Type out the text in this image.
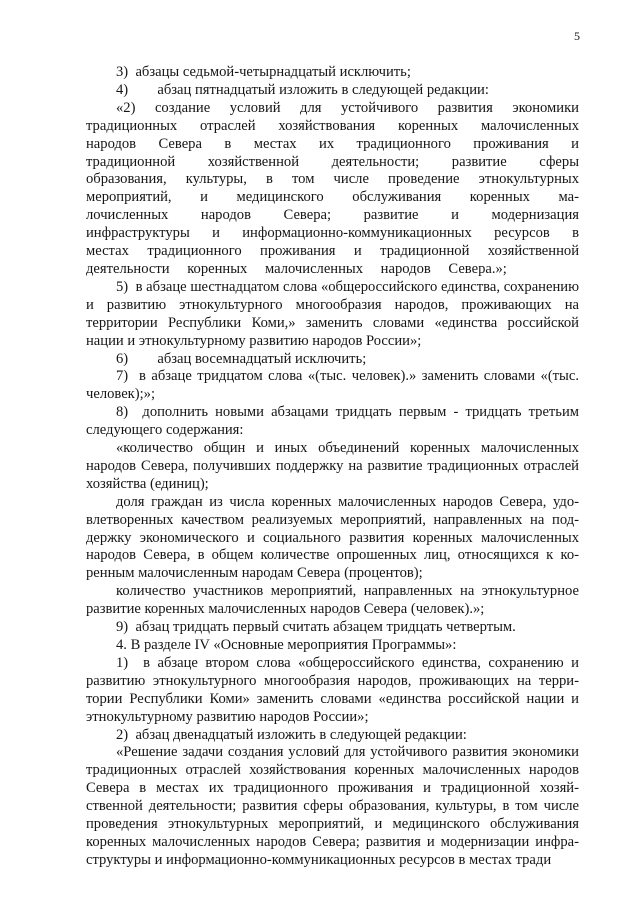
5

3)  абзацы седьмой-четырнадцатый исключить;

4)        абзац пятнадцатый изложить в следующей редакции:

«2) создание условий для устойчивого развития экономики традиционных отраслей хозяйствования коренных малочисленных народов Севера в местах их традиционного проживания и традиционной хозяйственной деятельности; развитие сферы образования, культуры, в том числе проведение этнокультурных мероприятий, и медицинского обслуживания коренных малочисленных народов Севера; развитие и модернизация инфраструктуры и информационно-коммуникационных ресурсов в местах традиционного проживания и традиционной хозяйственной деятельности коренных малочисленных народов Севера.»;

5)  в абзаце шестнадцатом слова «общероссийского единства, сохранению и развитию этнокультурного многообразия народов, проживающих на территории Республики Коми,» заменить словами «единства российской нации и этнокультурному развитию народов России»;

6)        абзац восемнадцатый исключить;

7)  в абзаце тридцатом слова «(тыс. человек).» заменить словами «(тыс. человек);»;

8)  дополнить новыми абзацами тридцать первым - тридцать третьим следующего содержания:

«количество общин и иных объединений коренных малочисленных народов Севера, получивших поддержку на развитие традиционных отраслей хозяйства (единиц);

доля граждан из числа коренных малочисленных народов Севера, удовлетворенных качеством реализуемых мероприятий, направленных на поддержку экономического и социального развития коренных малочисленных народов Севера, в общем количестве опрошенных лиц, относящихся к коренным малочисленным народам Севера (процентов);

количество участников мероприятий, направленных на этнокультурное развитие коренных малочисленных народов Севера (человек).»;

9)  абзац тридцать первый считать абзацем тридцать четвертым.

4. В разделе IV «Основные мероприятия Программы»:

1)  в абзаце втором слова «общероссийского единства, сохранению и развитию этнокультурного многообразия народов, проживающих на территории Республики Коми» заменить словами «единства российской нации и этнокультурному развитию народов России»;

2)  абзац двенадцатый изложить в следующей редакции:

«Решение задачи создания условий для устойчивого развития экономики традиционных отраслей хозяйствования коренных малочисленных народов Севера в местах их традиционного проживания и традиционной хозяйственной деятельности; развития сферы образования, культуры, в том числе проведения этнокультурных мероприятий, и медицинского обслуживания коренных малочисленных народов Севера; развития и модернизации инфраструктуры и информационно-коммуникационных ресурсов в местах тради
